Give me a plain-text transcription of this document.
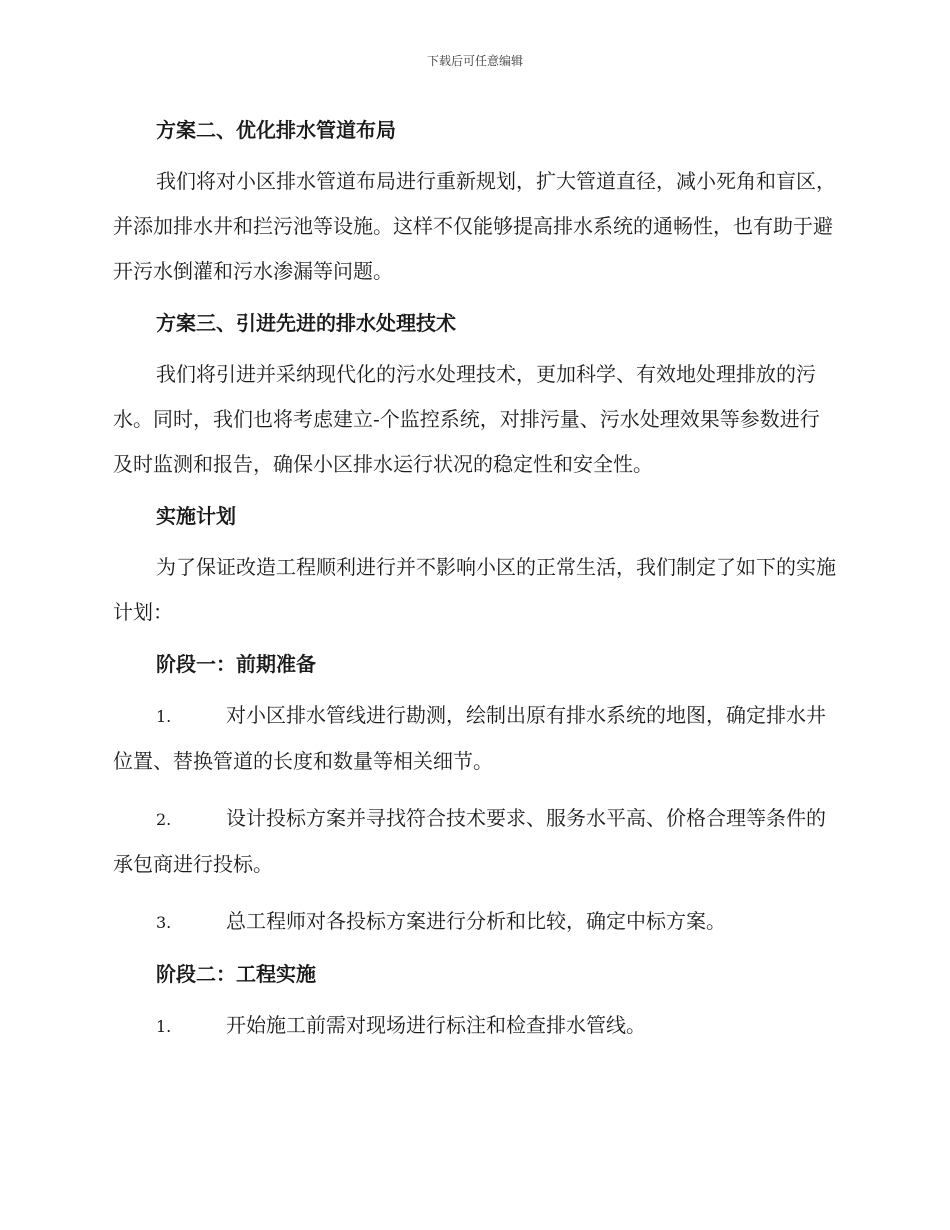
下载后可任意编辑

方案二、优化排水管道布局

我们将对小区排水管道布局进行重新规划，扩大管道直径，减小死角和盲区，并添加排水井和拦污池等设施。这样不仅能够提高排水系统的通畅性，也有助于避开污水倒灌和污水渗漏等问题。

方案三、引进先进的排水处理技术

我们将引进并采纳现代化的污水处理技术，更加科学、有效地处理排放的污水。同时，我们也将考虑建立-个监控系统，对排污量、污水处理效果等参数进行及时监测和报告，确保小区排水运行状况的稳定性和安全性。

实施计划

为了保证改造工程顺利进行并不影响小区的正常生活，我们制定了如下的实施计划：

阶段一：前期准备

1.	对小区排水管线进行勘测，绘制出原有排水系统的地图，确定排水井位置、替换管道的长度和数量等相关细节。

2.	设计投标方案并寻找符合技术要求、服务水平高、价格合理等条件的承包商进行投标。

3.	总工程师对各投标方案进行分析和比较，确定中标方案。

阶段二：工程实施

1.	开始施工前需对现场进行标注和检查排水管线。
